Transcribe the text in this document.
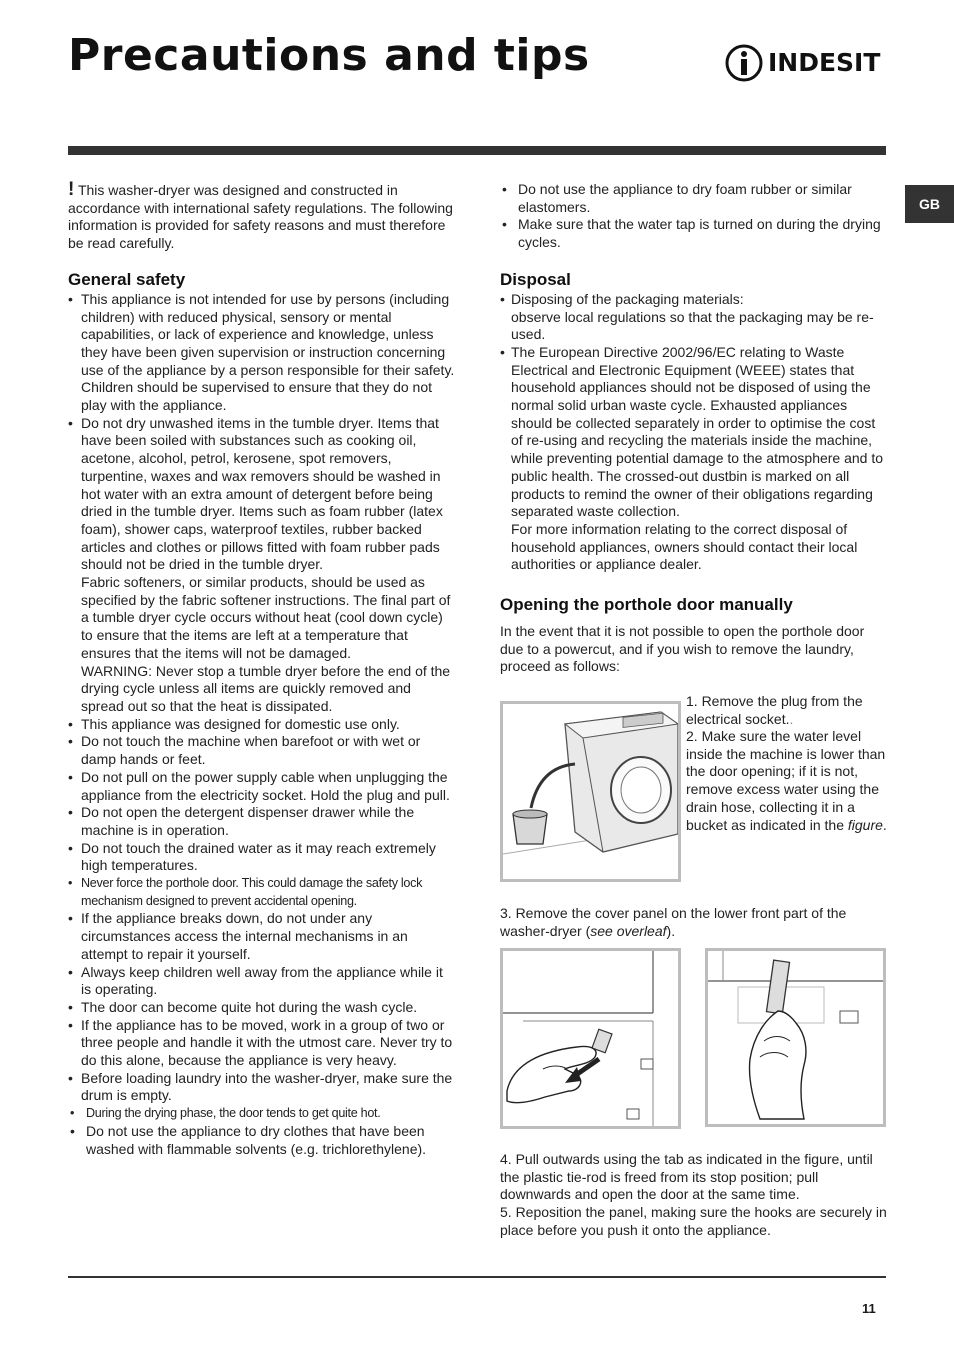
Precautions and tips	INDESIT
GB

! This washer-dryer was designed and constructed in accordance with international safety regulations. The following information is provided for safety reasons and must therefore be read carefully.

General safety
• This appliance is not intended for use by persons (including children) with reduced physical, sensory or mental capabilities, or lack of experience and knowledge, unless they have been given supervision or instruction concerning use of the appliance by a person responsible for their safety. Children should be supervised to ensure that they do not play with the appliance.
• Do not dry unwashed items in the tumble dryer. Items that have been soiled with substances such as cooking oil, acetone, alcohol, petrol, kerosene, spot removers, turpentine, waxes and wax removers should be washed in hot water with an extra amount of detergent before being dried in the tumble dryer. Items such as foam rubber (latex foam), shower caps, waterproof textiles, rubber backed articles and clothes or pillows fitted with foam rubber pads should not be dried in the tumble dryer.
Fabric softeners, or similar products, should be used as specified by the fabric softener instructions. The final part of a tumble dryer cycle occurs without heat (cool down cycle) to ensure that the items are left at a temperature that ensures that the items will not be damaged.
WARNING: Never stop a tumble dryer before the end of the drying cycle unless all items are quickly removed and spread out so that the heat is dissipated.
• This appliance was designed for domestic use only.
• Do not touch the machine when barefoot or with wet or damp hands or feet.
• Do not pull on the power supply cable when unplugging the appliance from the electricity socket. Hold the plug and pull.
• Do not open the detergent dispenser drawer while the machine is in operation.
• Do not touch the drained water as it may reach extremely high temperatures.
• Never force the porthole door. This could damage the safety lock mechanism designed to prevent accidental opening.
• If the appliance breaks down, do not under any circumstances access the internal mechanisms in an attempt to repair it yourself.
• Always keep children well away from the appliance while it is operating.
• The door can become quite hot during the wash cycle.
• If the appliance has to be moved, work in a group of two or three people and handle it with the utmost care. Never try to do this alone, because the appliance is very heavy.
• Before loading laundry into the washer-dryer, make sure the drum is empty.
• During the drying phase, the door tends to get quite hot.
• Do not use the appliance to dry clothes that have been washed with flammable solvents (e.g. trichlorethylene).
• Do not use the appliance to dry foam rubber or similar elastomers.
• Make sure that the water tap is turned on during the drying cycles.
Disposal
• Disposing of the packaging materials:
observe local regulations so that the packaging may be re-used.
• The European Directive 2002/96/EC relating to Waste Electrical and Electronic Equipment (WEEE) states that household appliances should not be disposed of using the normal solid urban waste cycle. Exhausted appliances should be collected separately in order to optimise the cost of re-using and recycling the materials inside the machine, while preventing potential damage to the atmosphere and to public health. The crossed-out dustbin is marked on all products to remind the owner of their obligations regarding separated waste collection.
For more information relating to the correct disposal of household appliances, owners should contact their local authorities or appliance dealer.
Opening the porthole door manually

In the event that it is not possible to open the porthole door due to a powercut, and if you wish to remove the laundry, proceed as follows:

1. Remove the plug from the electrical socket..
2. Make sure the water level inside the machine is lower than the door opening; if it is not, remove excess water using the drain hose, collecting it in a bucket as indicated in the figure.
3. Remove the cover panel on the lower front part of the washer-dryer (see overleaf).
4. Pull outwards using the tab as indicated in the figure, until the plastic tie-rod is freed from its stop position; pull downwards and open the door at the same time.
5. Reposition the panel, making sure the hooks are securely in place before you push it onto the appliance.
11
